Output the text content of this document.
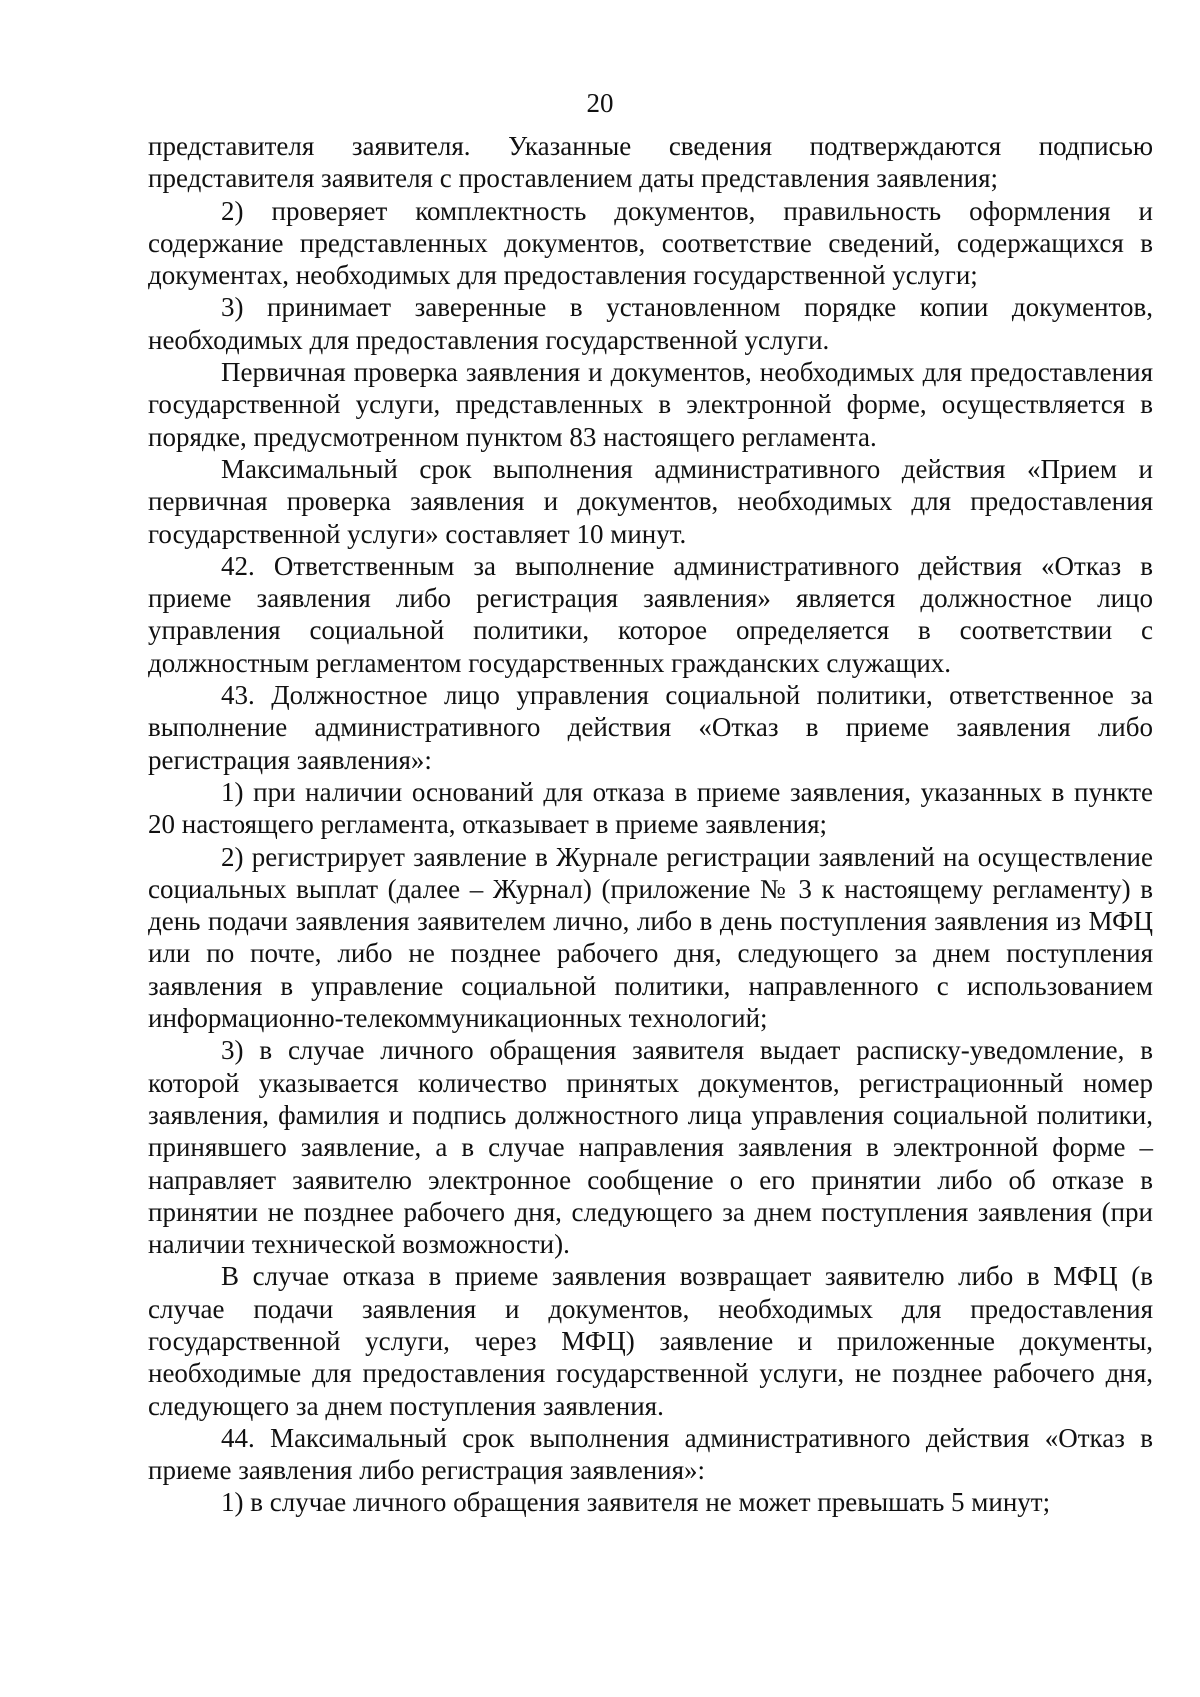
20

представителя заявителя. Указанные сведения подтверждаются подписью представителя заявителя с проставлением даты представления заявления;

2) проверяет комплектность документов, правильность оформления и содержание представленных документов, соответствие сведений, содержащихся в документах, необходимых для предоставления государственной услуги;

3) принимает заверенные в установленном порядке копии документов, необходимых для предоставления государственной услуги.

Первичная проверка заявления и документов, необходимых для предоставления государственной услуги, представленных в электронной форме, осуществляется в порядке, предусмотренном пунктом 83 настоящего регламента.

Максимальный срок выполнения административного действия «Прием и первичная проверка заявления и документов, необходимых для предоставления государственной услуги» составляет 10 минут.

42. Ответственным за выполнение административного действия «Отказ в приеме заявления либо регистрация заявления» является должностное лицо управления социальной политики, которое определяется в соответствии с должностным регламентом государственных гражданских служащих.

43. Должностное лицо управления социальной политики, ответственное за выполнение административного действия «Отказ в приеме заявления либо регистрация заявления»:

1) при наличии оснований для отказа в приеме заявления, указанных в пункте 20 настоящего регламента, отказывает в приеме заявления;

2) регистрирует заявление в Журнале регистрации заявлений на осуществление социальных выплат (далее – Журнал) (приложение № 3 к настоящему регламенту) в день подачи заявления заявителем лично, либо в день поступления заявления из МФЦ или по почте, либо не позднее рабочего дня, следующего за днем поступления заявления в управление социальной политики, направленного с использованием информационно-телекоммуникационных технологий;

3) в случае личного обращения заявителя выдает расписку-уведомление, в которой указывается количество принятых документов, регистрационный номер заявления, фамилия и подпись должностного лица управления социальной политики, принявшего заявление, а в случае направления заявления в электронной форме – направляет заявителю электронное сообщение о его принятии либо об отказе в принятии не позднее рабочего дня, следующего за днем поступления заявления (при наличии технической возможности).

В случае отказа в приеме заявления возвращает заявителю либо в МФЦ (в случае подачи заявления и документов, необходимых для предоставления государственной услуги, через МФЦ) заявление и приложенные документы, необходимые для предоставления государственной услуги, не позднее рабочего дня, следующего за днем поступления заявления.

44. Максимальный срок выполнения административного действия «Отказ в приеме заявления либо регистрация заявления»:

1) в случае личного обращения заявителя не может превышать 5 минут;
